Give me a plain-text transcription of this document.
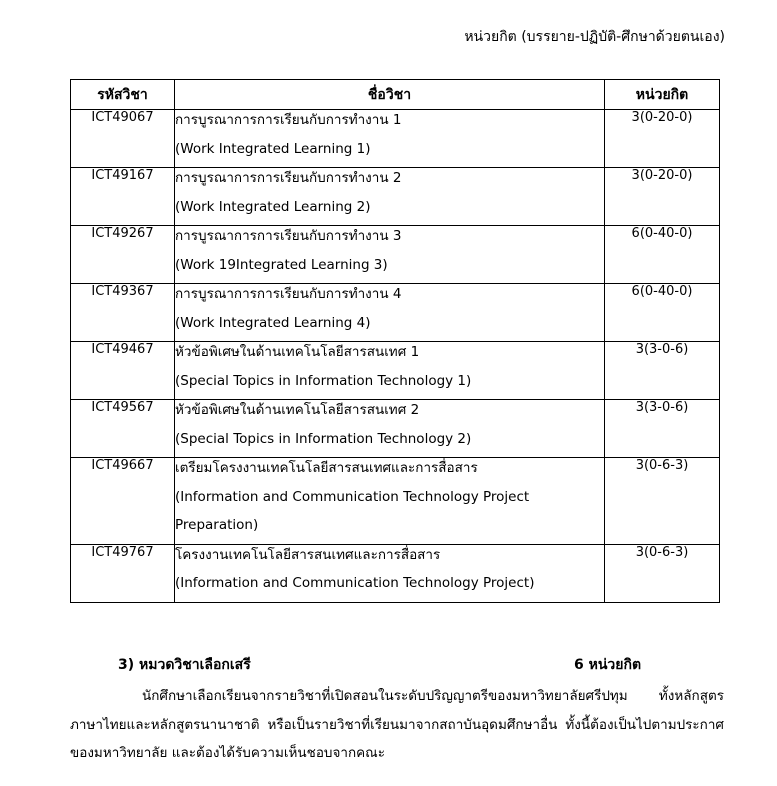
หน่วยกิต (บรรยาย-ปฏิบัติ-ศึกษาด้วยตนเอง)
รหัสวิชา	ชื่อวิชา	หน่วยกิต
ICT49067	การบูรณาการการเรียนกับการทำงาน 1
(Work Integrated Learning 1)	3(0-20-0)
ICT49167	การบูรณาการการเรียนกับการทำงาน 2
(Work Integrated Learning 2)	3(0-20-0)
ICT49267	การบูรณาการการเรียนกับการทำงาน 3
(Work 19Integrated Learning 3)	6(0-40-0)
ICT49367	การบูรณาการการเรียนกับการทำงาน 4
(Work Integrated Learning 4)	6(0-40-0)
ICT49467	หัวข้อพิเศษในด้านเทคโนโลยีสารสนเทศ 1
(Special Topics in Information Technology 1)	3(3-0-6)
ICT49567	หัวข้อพิเศษในด้านเทคโนโลยีสารสนเทศ 2
(Special Topics in Information Technology 2)	3(3-0-6)
ICT49667	เตรียมโครงงานเทคโนโลยีสารสนเทศและการสื่อสาร
(Information and Communication Technology Project
Preparation)	3(0-6-3)
ICT49767	โครงงานเทคโนโลยีสารสนเทศและการสื่อสาร
(Information and Communication Technology Project)	3(0-6-3)
3) หมวดวิชาเลือกเสรี	6 หน่วยกิต
นักศึกษาเลือกเรียนจากรายวิชาที่เปิดสอนในระดับปริญญาตรีของมหาวิทยาลัยศรีปทุม ทั้งหลักสูตรภาษาไทยและหลักสูตรนานาชาติ หรือเป็นรายวิชาที่เรียนมาจากสถาบันอุดมศึกษาอื่น ทั้งนี้ต้องเป็นไปตามประกาศของมหาวิทยาลัย และต้องได้รับความเห็นชอบจากคณะ
